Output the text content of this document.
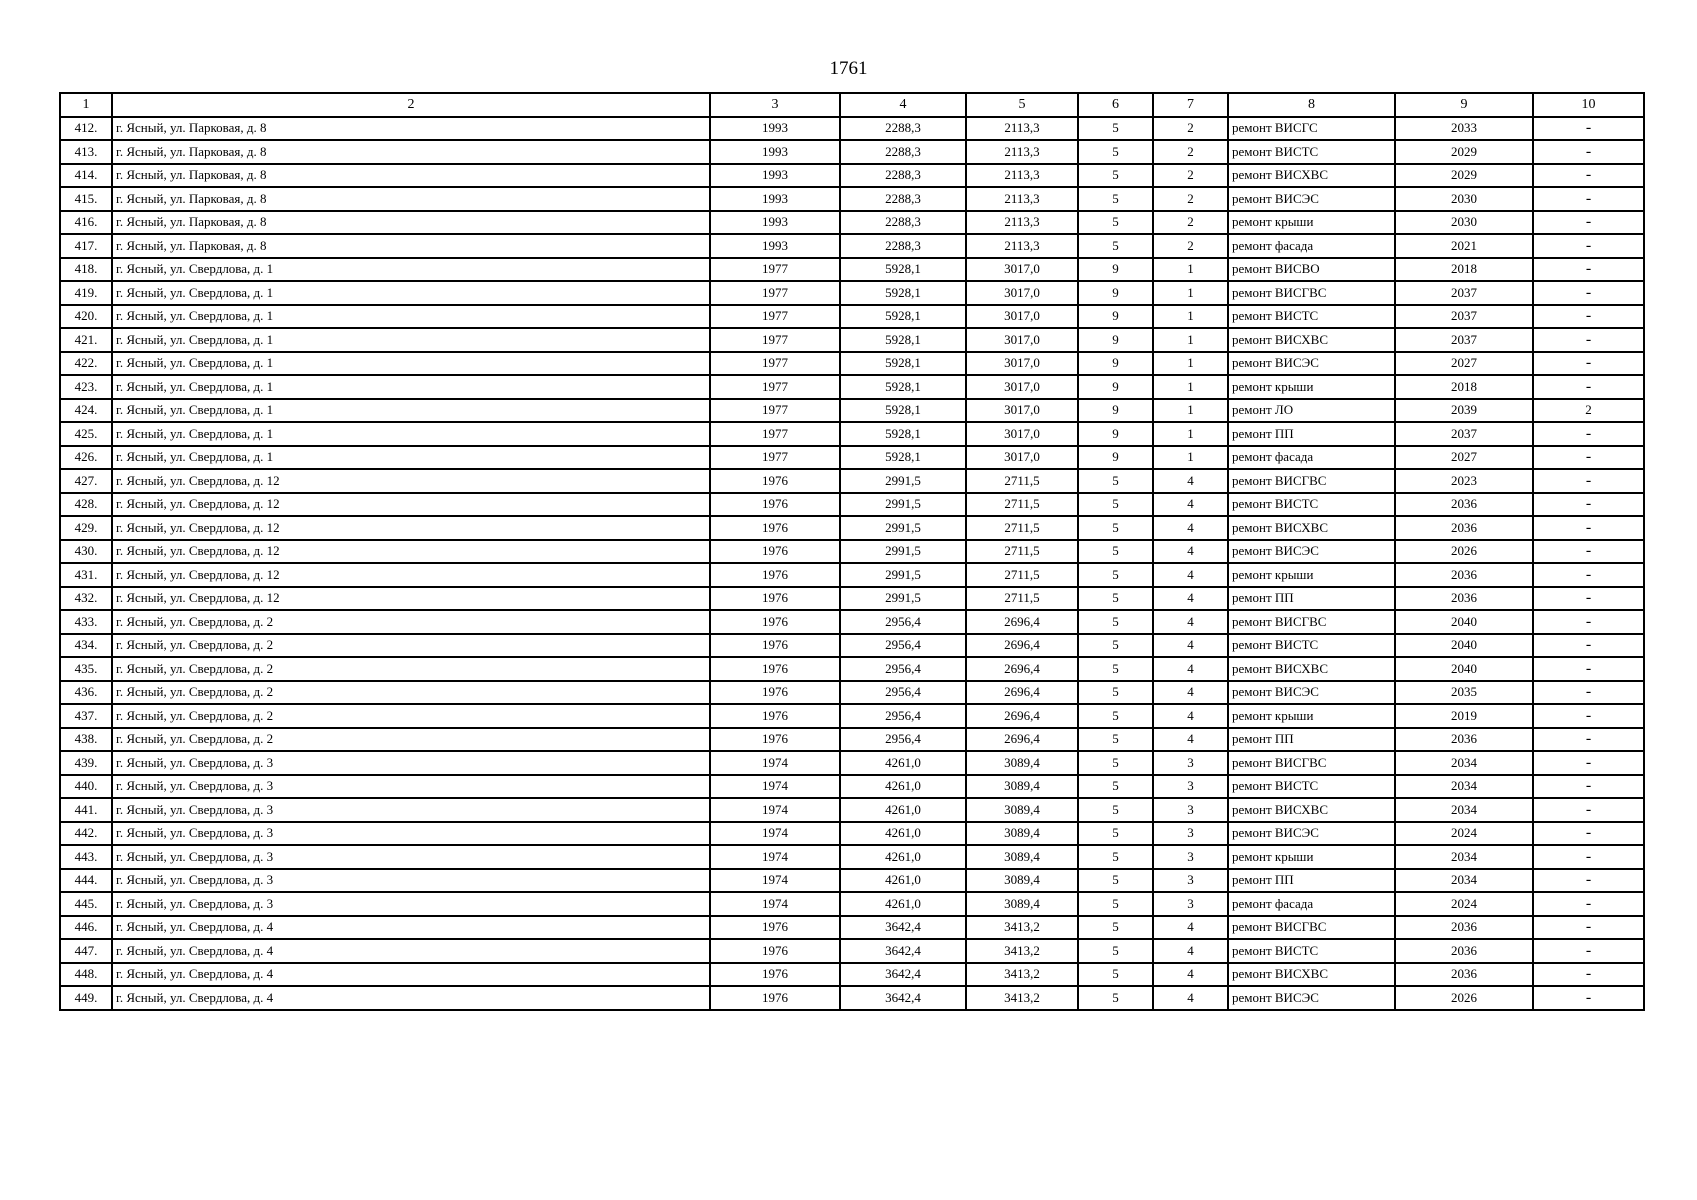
1761
1	2	3	4	5	6	7	8	9	10
412.	г. Ясный, ул. Парковая, д. 8	1993	2288,3	2113,3	5	2	ремонт ВИСГС	2033	-
413.	г. Ясный, ул. Парковая, д. 8	1993	2288,3	2113,3	5	2	ремонт ВИСТС	2029	-
414.	г. Ясный, ул. Парковая, д. 8	1993	2288,3	2113,3	5	2	ремонт ВИСХВС	2029	-
415.	г. Ясный, ул. Парковая, д. 8	1993	2288,3	2113,3	5	2	ремонт ВИСЭС	2030	-
416.	г. Ясный, ул. Парковая, д. 8	1993	2288,3	2113,3	5	2	ремонт крыши	2030	-
417.	г. Ясный, ул. Парковая, д. 8	1993	2288,3	2113,3	5	2	ремонт фасада	2021	-
418.	г. Ясный, ул. Свердлова, д. 1	1977	5928,1	3017,0	9	1	ремонт ВИСВО	2018	-
419.	г. Ясный, ул. Свердлова, д. 1	1977	5928,1	3017,0	9	1	ремонт ВИСГВС	2037	-
420.	г. Ясный, ул. Свердлова, д. 1	1977	5928,1	3017,0	9	1	ремонт ВИСТС	2037	-
421.	г. Ясный, ул. Свердлова, д. 1	1977	5928,1	3017,0	9	1	ремонт ВИСХВС	2037	-
422.	г. Ясный, ул. Свердлова, д. 1	1977	5928,1	3017,0	9	1	ремонт ВИСЭС	2027	-
423.	г. Ясный, ул. Свердлова, д. 1	1977	5928,1	3017,0	9	1	ремонт крыши	2018	-
424.	г. Ясный, ул. Свердлова, д. 1	1977	5928,1	3017,0	9	1	ремонт ЛО	2039	2
425.	г. Ясный, ул. Свердлова, д. 1	1977	5928,1	3017,0	9	1	ремонт ПП	2037	-
426.	г. Ясный, ул. Свердлова, д. 1	1977	5928,1	3017,0	9	1	ремонт фасада	2027	-
427.	г. Ясный, ул. Свердлова, д. 12	1976	2991,5	2711,5	5	4	ремонт ВИСГВС	2023	-
428.	г. Ясный, ул. Свердлова, д. 12	1976	2991,5	2711,5	5	4	ремонт ВИСТС	2036	-
429.	г. Ясный, ул. Свердлова, д. 12	1976	2991,5	2711,5	5	4	ремонт ВИСХВС	2036	-
430.	г. Ясный, ул. Свердлова, д. 12	1976	2991,5	2711,5	5	4	ремонт ВИСЭС	2026	-
431.	г. Ясный, ул. Свердлова, д. 12	1976	2991,5	2711,5	5	4	ремонт крыши	2036	-
432.	г. Ясный, ул. Свердлова, д. 12	1976	2991,5	2711,5	5	4	ремонт ПП	2036	-
433.	г. Ясный, ул. Свердлова, д. 2	1976	2956,4	2696,4	5	4	ремонт ВИСГВС	2040	-
434.	г. Ясный, ул. Свердлова, д. 2	1976	2956,4	2696,4	5	4	ремонт ВИСТС	2040	-
435.	г. Ясный, ул. Свердлова, д. 2	1976	2956,4	2696,4	5	4	ремонт ВИСХВС	2040	-
436.	г. Ясный, ул. Свердлова, д. 2	1976	2956,4	2696,4	5	4	ремонт ВИСЭС	2035	-
437.	г. Ясный, ул. Свердлова, д. 2	1976	2956,4	2696,4	5	4	ремонт крыши	2019	-
438.	г. Ясный, ул. Свердлова, д. 2	1976	2956,4	2696,4	5	4	ремонт ПП	2036	-
439.	г. Ясный, ул. Свердлова, д. 3	1974	4261,0	3089,4	5	3	ремонт ВИСГВС	2034	-
440.	г. Ясный, ул. Свердлова, д. 3	1974	4261,0	3089,4	5	3	ремонт ВИСТС	2034	-
441.	г. Ясный, ул. Свердлова, д. 3	1974	4261,0	3089,4	5	3	ремонт ВИСХВС	2034	-
442.	г. Ясный, ул. Свердлова, д. 3	1974	4261,0	3089,4	5	3	ремонт ВИСЭС	2024	-
443.	г. Ясный, ул. Свердлова, д. 3	1974	4261,0	3089,4	5	3	ремонт крыши	2034	-
444.	г. Ясный, ул. Свердлова, д. 3	1974	4261,0	3089,4	5	3	ремонт ПП	2034	-
445.	г. Ясный, ул. Свердлова, д. 3	1974	4261,0	3089,4	5	3	ремонт фасада	2024	-
446.	г. Ясный, ул. Свердлова, д. 4	1976	3642,4	3413,2	5	4	ремонт ВИСГВС	2036	-
447.	г. Ясный, ул. Свердлова, д. 4	1976	3642,4	3413,2	5	4	ремонт ВИСТС	2036	-
448.	г. Ясный, ул. Свердлова, д. 4	1976	3642,4	3413,2	5	4	ремонт ВИСХВС	2036	-
449.	г. Ясный, ул. Свердлова, д. 4	1976	3642,4	3413,2	5	4	ремонт ВИСЭС	2026	-
